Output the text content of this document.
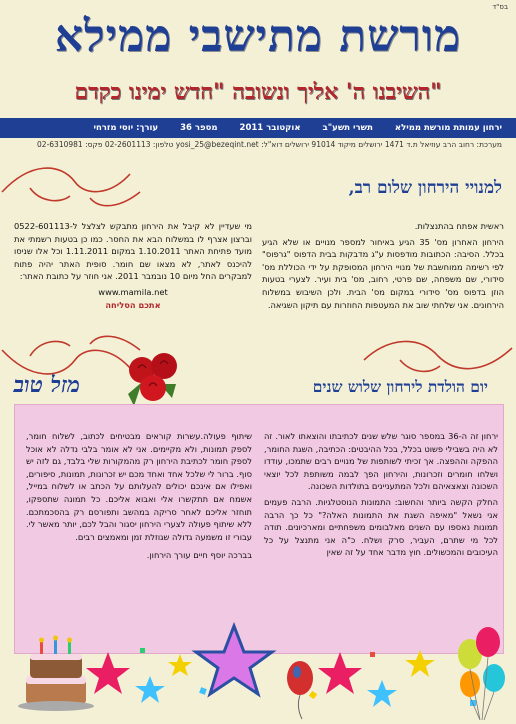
בס"ד
מורשת מתישבי ממילא
"השיבנו ה' אליך ונשובה "חדש ימינו כקדם
ירחון עמותת מורשת ממילא
תשרי תשע"ב
אוקטובר 2011
מספר 36
עורך: יוסי מזרחי
מערכת: רחוב הרב עוזיאל ת.ד 1471 ירושלים מיקוד 91014 ירושלים דוא"ל: yosi_25@bezeqint.net טלפון: 02-2601113 פקס: 02-6310981
למנויי הירחון שלום רב,

ראשית אפתח בהתנצלות.

הירחון האחרון מס' 35 הגיע באיחור למספר מנויים או שלא הגיע בכלל. הסיבה: הכתובות מודפסות ע"ג מדבקות בבית הדפוס "גרפוס" לפי רשימה ממוחשבת של מנויי הירחון המסופקת על ידי הכוללת מס' סידורי, שם משפחה, שם פרטי, רחוב, מס' בית ועיר. לצערי בטעות הוזן בדפוס מס' סידורי במקום מס' הבית. ולכן השיבוש במשלוח הירחונים. אני שלחתי שוב את המעטפות החוזרות עם תיקון השגיאה.

מי שעדיין לא קיבל את הירחון מתבקש לצלצל ל-0522-601113 וברצון אצרף לו במשלוח הבא את החסר. כמו כן בטעות רשמתי את מועד פתיחת האתר 1.10.2011 במקום 1.11.2011 וכל אלו שניסו להיכנס לאתר, לא מצאו שם חומר. סופית האתר יהיה פתוח למבקרים החל מיום 10 נובמבר 2011. אני חוזר על כתובת האתר:

www.mamila.net
אתכם הסליחה
מזל טוב	יום הולדת לירחון שלוש שנים

ירחון זה ה-36 במספר סוגר שלש שנים לכתיבתו והוצאתו לאור. זה לא היה בשבילי פשוט בכלל, בכל ההיבטים: הכתיבה, השגת החומר, ההפקה וההפצה. אך זכיתי לשותפות של מנויים רבים שתמכו, עודדו ושלחו חומרים וזכרונות, והירחון הפך לבמה משותפת לכל יוצאי השכונה וצאצאיהם ולכל המתעניינים בתולדות השכונה.

החלק הקשה ביותר והחשוב: התמונות הנוסטלגיות. הרבה פעמים אני נשאל "מאיפה השגת את התמונות האלה?" כל כך הרבה תמונות נאספו עם השנים מאלבומים משפחתיים ומארכיונים. תודה לכל מי שתרם, העביר, סרק ושלח. כ"ה אני מתנצל על כל העיכובים והמכשולים. חוץ מדבר אחד על זה שאין

שיתוף פעולה.עשרות קוראים מבטיחים לכתוב, לשלוח חומר, לספק תמונות, ולא מקיימים. אני לא אומר בלבי נדלה לא אוכל לספק חומר לכתיבת הירחון רק מהמקורות שלי בלבד, גם לזה יש סוף. ברור לי שלכל אחד ואחד מכם יש זכרונות, תמונות, סיפורים, ואפילו אם אינכם יכולים להעלותם על הכתב או לשלוח במייל, אשמח אם תתקשרו אלי ואבוא אליכם. כל תמונה שתספקו, תוחזר אליכם לאחר סריקה במהשב ותפורסם רק בהסכמתכם. ללא שיתוף פעולה לצערי הירחון יסגור והבל לכם, יותר מאשר לי. עבורי זו משמעה גדולה שגוזלת זמן ומאמצים רבים.

בברכה יוסף חיים עורך הירחון.
